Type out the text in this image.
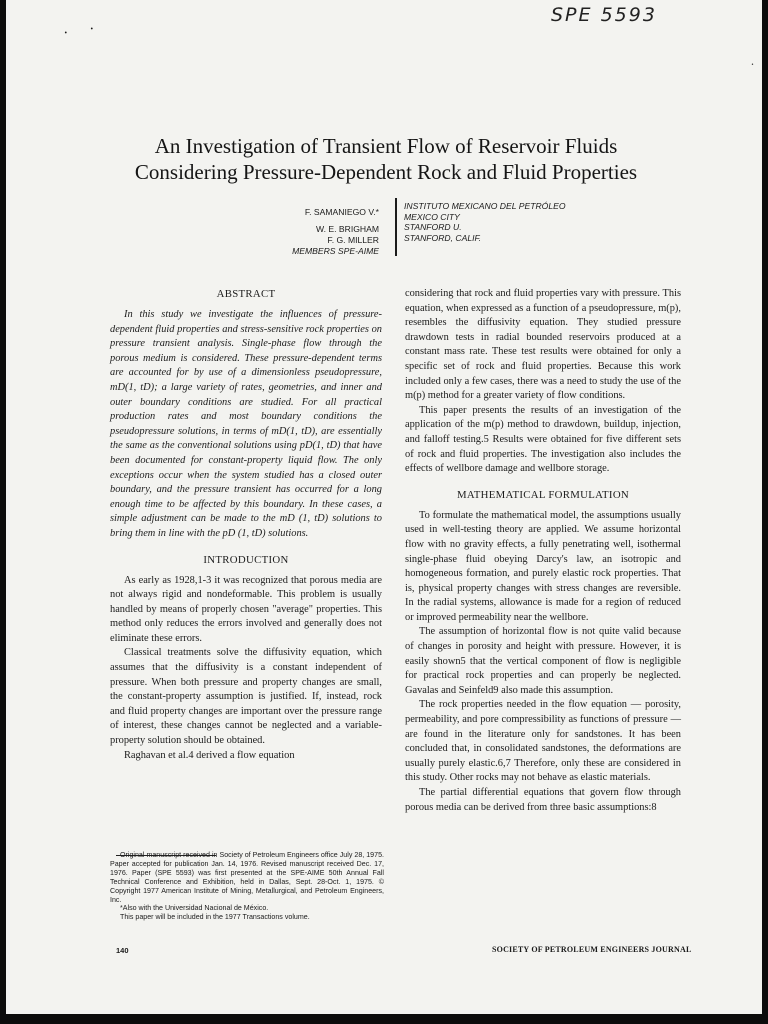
•
•
•
SPE 5593
An Investigation of Transient Flow of Reservoir Fluids
Considering Pressure-Dependent Rock and Fluid Properties
F. SAMANIEGO V.*
W. E. BRIGHAM
F. G. MILLER
MEMBERS SPE-AIME
INSTITUTO MEXICANO DEL PETRÓLEO
MEXICO CITY
STANFORD U.
STANFORD, CALIF.
ABSTRACT

In this study we investigate the influences of pressure-dependent fluid properties and stress-sensitive rock properties on pressure transient analysis. Single-phase flow through the porous medium is considered. These pressure-dependent terms are accounted for by use of a dimensionless pseudopressure, mD(1, tD); a large variety of rates, geometries, and inner and outer boundary conditions are studied. For all practical production rates and most boundary conditions the pseudopressure solutions, in terms of mD(1, tD), are essentially the same as the conventional solutions using pD(1, tD) that have been documented for constant-property liquid flow. The only exceptions occur when the system studied has a closed outer boundary, and the pressure transient has occurred for a long enough time to be affected by this boundary. In these cases, a simple adjustment can be made to the mD (1, tD) solutions to bring them in line with the pD (1, tD) solutions.

INTRODUCTION

As early as 1928,1-3 it was recognized that porous media are not always rigid and nondeformable. This problem is usually handled by means of properly chosen "average" properties. This method only reduces the errors involved and generally does not eliminate these errors.

Classical treatments solve the diffusivity equation, which assumes that the diffusivity is a constant independent of pressure. When both pressure and property changes are small, the constant-property assumption is justified. If, instead, rock and fluid property changes are important over the pressure range of interest, these changes cannot be neglected and a variable-property solution should be obtained.

Raghavan et al.4 derived a flow equation

considering that rock and fluid properties vary with pressure. This equation, when expressed as a function of a pseudopressure, m(p), resembles the diffusivity equation. They studied pressure drawdown tests in radial bounded reservoirs produced at a constant mass rate. These test results were obtained for only a specific set of rock and fluid properties. Because this work included only a few cases, there was a need to study the use of the m(p) method for a greater variety of flow conditions.

This paper presents the results of an investigation of the application of the m(p) method to drawdown, buildup, injection, and falloff testing.5 Results were obtained for five different sets of rock and fluid properties. The investigation also includes the effects of wellbore damage and wellbore storage.

MATHEMATICAL FORMULATION

To formulate the mathematical model, the assumptions usually used in well-testing theory are applied. We assume horizontal flow with no gravity effects, a fully penetrating well, isothermal single-phase fluid obeying Darcy's law, an isotropic and homogeneous formation, and purely elastic rock properties. That is, physical property changes with stress changes are reversible. In the radial systems, allowance is made for a region of reduced or improved permeability near the wellbore.

The assumption of horizontal flow is not quite valid because of changes in porosity and height with pressure. However, it is easily shown5 that the vertical component of flow is negligible for practical rock properties and can properly be neglected. Gavalas and Seinfeld9 also made this assumption.

The rock properties needed in the flow equation — porosity, permeability, and pore compressibility as functions of pressure — are found in the literature only for sandstones. It has been concluded that, in consolidated sandstones, the deformations are usually purely elastic.6,7 Therefore, only these are considered in this study. Other rocks may not behave as elastic materials.

The partial differential equations that govern flow through porous media can be derived from three basic assumptions:8

Original manuscript received in Society of Petroleum Engineers office July 28, 1975. Paper accepted for publication Jan. 14, 1976. Revised manuscript received Dec. 17, 1976. Paper (SPE 5593) was first presented at the SPE-AIME 50th Annual Fall Technical Conference and Exhibition, held in Dallas, Sept. 28-Oct. 1, 1975. © Copyright 1977 American Institute of Mining, Metallurgical, and Petroleum Engineers, Inc.

*Also with the Universidad Nacional de México.

This paper will be included in the 1977 Transactions volume.

140	SOCIETY OF PETROLEUM ENGINEERS JOURNAL
